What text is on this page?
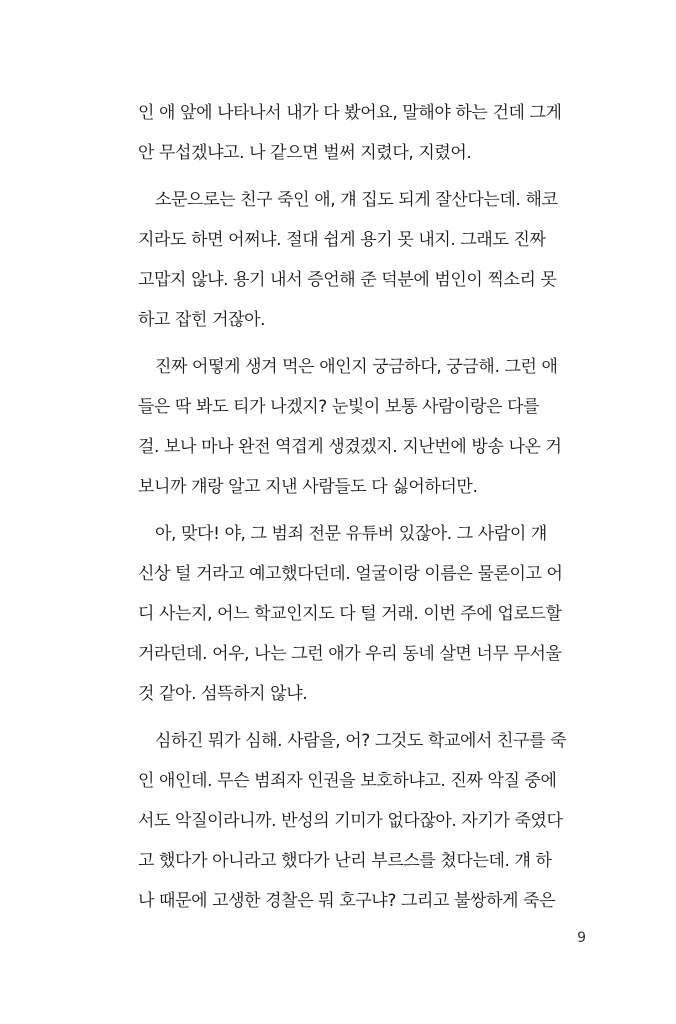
인 애 앞에 나타나서 내가 다 봤어요, 말해야 하는 건데 그게
안 무섭겠냐고. 나 같으면 벌써 지렸다, 지렸어.
소문으로는 친구 죽인 애, 걔 집도 되게 잘산다는데. 해코
지라도 하면 어쩌냐. 절대 쉽게 용기 못 내지. 그래도 진짜
고맙지 않냐. 용기 내서 증언해 준 덕분에 범인이 찍소리 못
하고 잡힌 거잖아.
진짜 어떻게 생겨 먹은 애인지 궁금하다, 궁금해. 그런 애
들은 딱 봐도 티가 나겠지? 눈빛이 보통 사람이랑은 다를
걸. 보나 마나 완전 역겹게 생겼겠지. 지난번에 방송 나온 거
보니까 걔랑 알고 지낸 사람들도 다 싫어하더만.
아, 맞다! 야, 그 범죄 전문 유튜버 있잖아. 그 사람이 걔
신상 털 거라고 예고했다던데. 얼굴이랑 이름은 물론이고 어
디 사는지, 어느 학교인지도 다 털 거래. 이번 주에 업로드할
거라던데. 어우, 나는 그런 애가 우리 동네 살면 너무 무서울
것 같아. 섬뜩하지 않냐.
심하긴 뭐가 심해. 사람을, 어? 그것도 학교에서 친구를 죽
인 애인데. 무슨 범죄자 인권을 보호하냐고. 진짜 악질 중에
서도 악질이라니까. 반성의 기미가 없다잖아. 자기가 죽였다
고 했다가 아니라고 했다가 난리 부르스를 쳤다는데. 걔 하
나 때문에 고생한 경찰은 뭐 호구냐? 그리고 불쌍하게 죽은
9
